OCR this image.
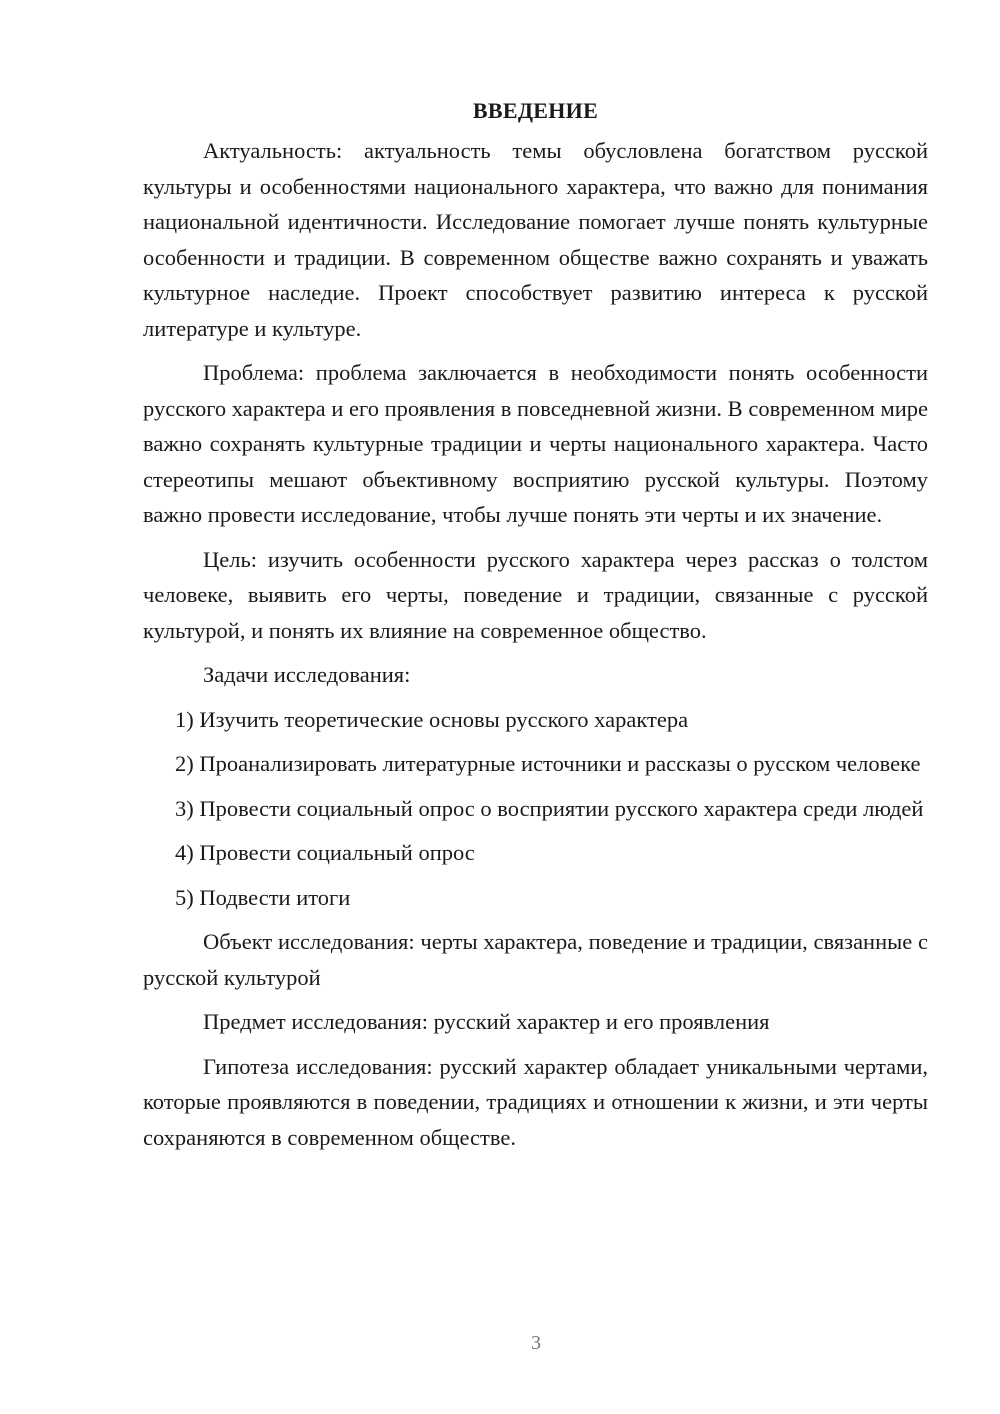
ВВЕДЕНИЕ

Актуальность: актуальность темы обусловлена богатством русской культуры и особенностями национального характера, что важно для понимания национальной идентичности. Исследование помогает лучше понять культурные особенности и традиции. В современном обществе важно сохранять и уважать культурное наследие. Проект способствует развитию интереса к русской литературе и культуре.

Проблема: проблема заключается в необходимости понять особенности русского характера и его проявления в повседневной жизни. В современном мире важно сохранять культурные традиции и черты национального характера. Часто стереотипы мешают объективному восприятию русской культуры. Поэтому важно провести исследование, чтобы лучше понять эти черты и их значение.

Цель: изучить особенности русского характера через рассказ о толстом человеке, выявить его черты, поведение и традиции, связанные с русской культурой, и понять их влияние на современное общество.

Задачи исследования:

1) Изучить теоретические основы русского характера

2) Проанализировать литературные источники и рассказы о русском человеке

3) Провести социальный опрос о восприятии русского характера среди людей

4) Провести социальный опрос

5) Подвести итоги

Объект исследования: черты характера, поведение и традиции, связанные с русской культурой

Предмет исследования: русский характер и его проявления

Гипотеза исследования: русский характер обладает уникальными чертами, которые проявляются в поведении, традициях и отношении к жизни, и эти черты сохраняются в современном обществе.

3
